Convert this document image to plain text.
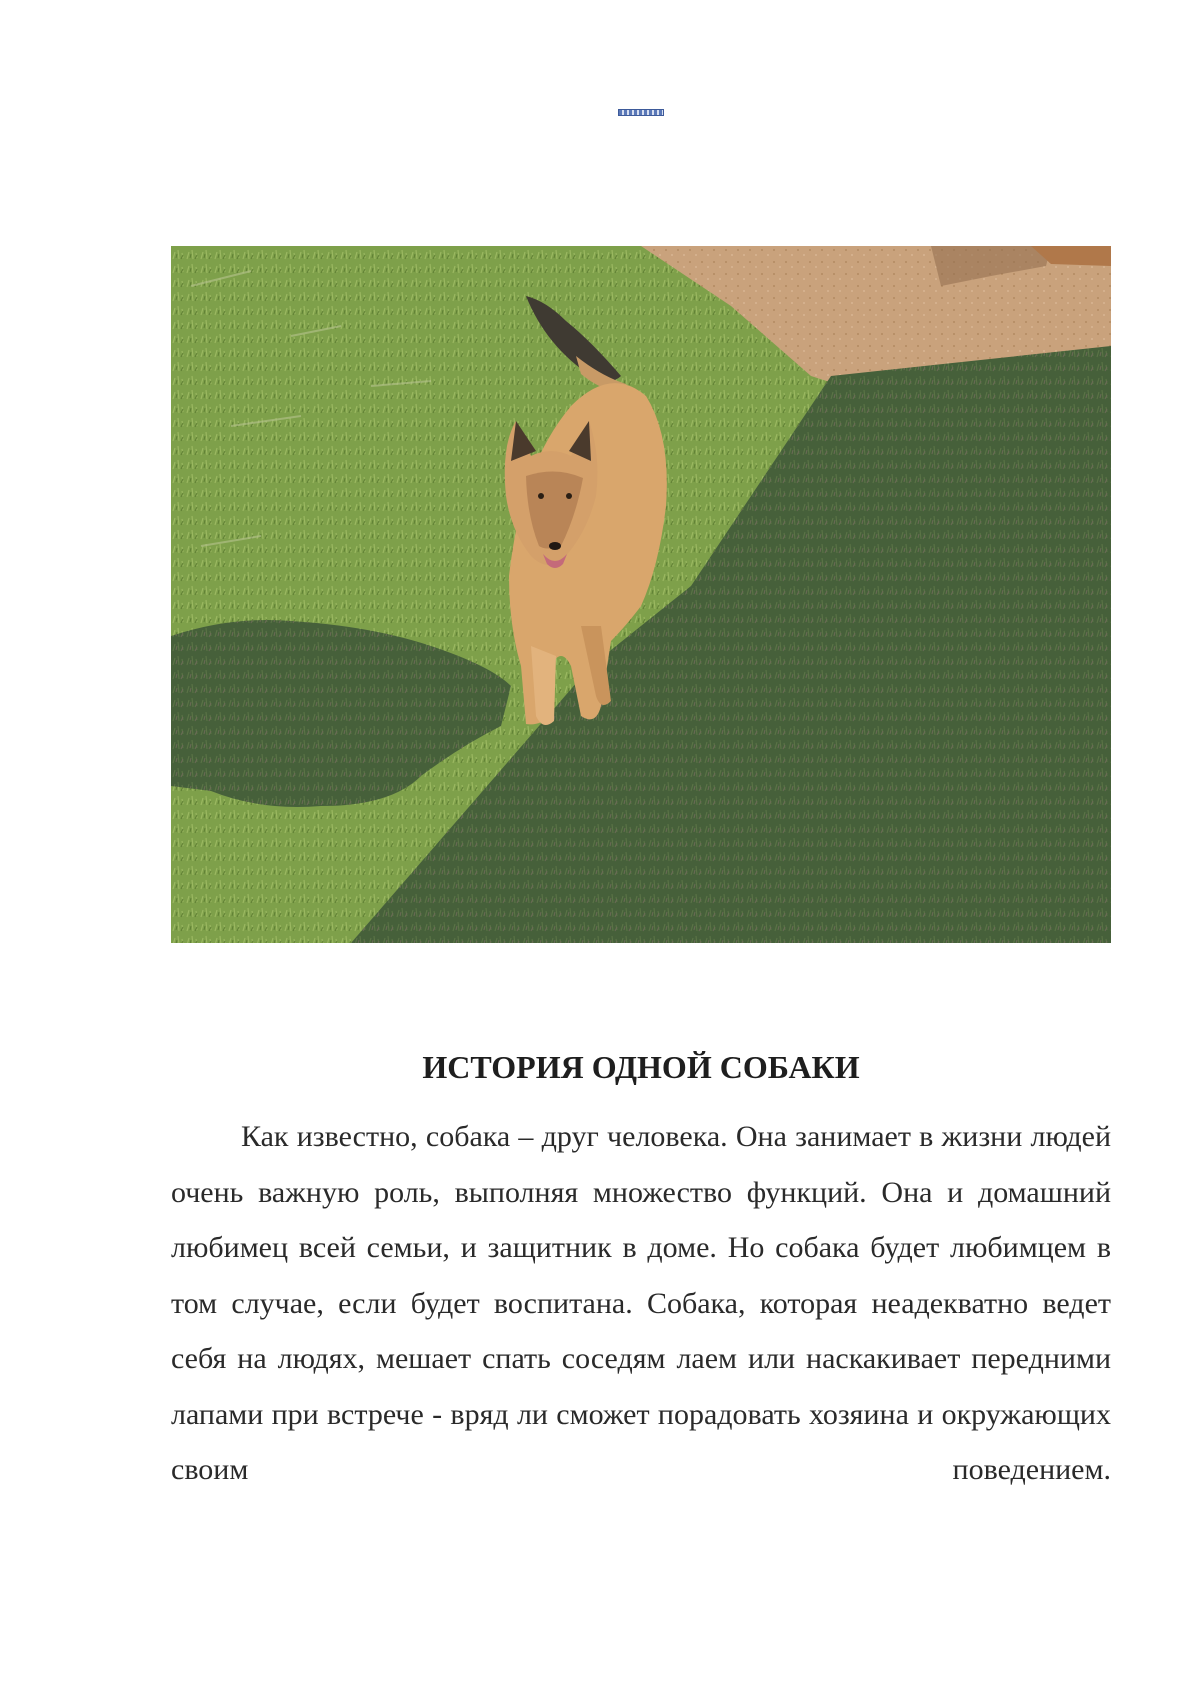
ИСТОРИЯ ОДНОЙ СОБАКИ

Как известно, собака – друг человека. Она занимает в жизни людей очень важную роль, выполняя множество функций. Она и домашний любимец всей семьи, и защитник в доме. Но собака будет любимцем в том случае, если будет воспитана. Собака, которая неадекватно ведет себя на людях, мешает спать соседям лаем или наскакивает передними лапами при встрече - вряд ли сможет порадовать хозяина и окружающих своим поведением.
